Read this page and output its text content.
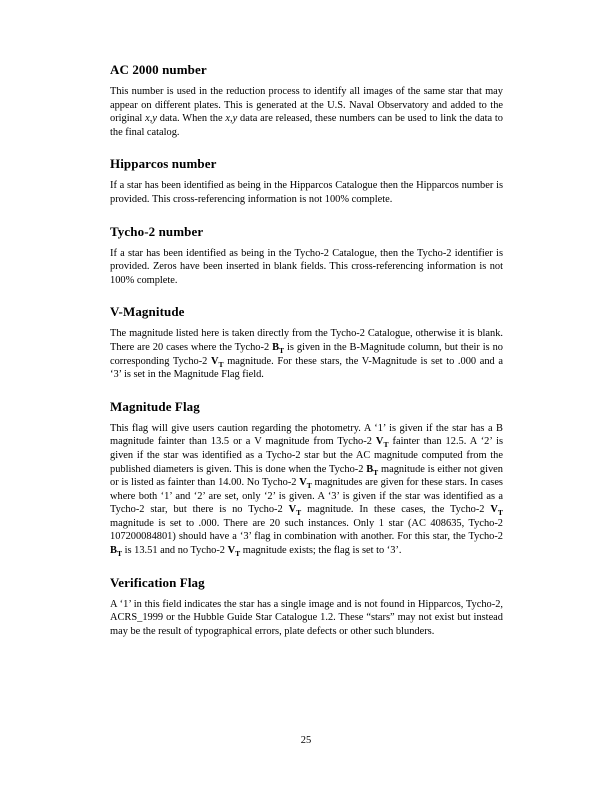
AC 2000 number

This number is used in the reduction process to identify all images of the same star that may appear on different plates. This is generated at the U.S. Naval Observatory and added to the original x,y data. When the x,y data are released, these numbers can be used to link the data to the final catalog.

Hipparcos number

If a star has been identified as being in the Hipparcos Catalogue then the Hipparcos number is provided. This cross-referencing information is not 100% complete.

Tycho-2 number

If a star has been identified as being in the Tycho-2 Catalogue, then the Tycho-2 identifier is provided. Zeros have been inserted in blank fields. This cross-referencing information is not 100% complete.

V-Magnitude

The magnitude listed here is taken directly from the Tycho-2 Catalogue, otherwise it is blank. There are 20 cases where the Tycho-2 $B_T$ is given in the B-Magnitude column, but their is no corresponding Tycho-2 $V_T$ magnitude. For these stars, the V-Magnitude is set to .000 and a ‘3’ is set in the Magnitude Flag field.

Magnitude Flag

This flag will give users caution regarding the photometry. A ‘1’ is given if the star has a B magnitude fainter than 13.5 or a V magnitude from Tycho-2 $V_T$ fainter than 12.5. A ‘2’ is given if the star was identified as a Tycho-2 star but the AC magnitude computed from the published diameters is given. This is done when the Tycho-2 $B_T$ magnitude is either not given or is listed as fainter than 14.00. No Tycho-2 $V_T$ magnitudes are given for these stars. In cases where both ‘1’ and ‘2’ are set, only ‘2’ is given. A ‘3’ is given if the star was identified as a Tycho-2 star, but there is no Tycho-2 $V_T$ magnitude. In these cases, the Tycho-2 $V_T$ magnitude is set to .000. There are 20 such instances. Only 1 star (AC 408635, Tycho-2 107200084801) should have a ‘3’ flag in combination with another. For this star, the Tycho-2 $B_T$ is 13.51 and no Tycho-2 $V_T$ magnitude exists; the flag is set to ‘3’.

Verification Flag

A ‘1’ in this field indicates the star has a single image and is not found in Hipparcos, Tycho-2, ACRS_1999 or the Hubble Guide Star Catalogue 1.2. These “stars” may not exist but instead may be the result of typographical errors, plate defects or other such blunders.

25
